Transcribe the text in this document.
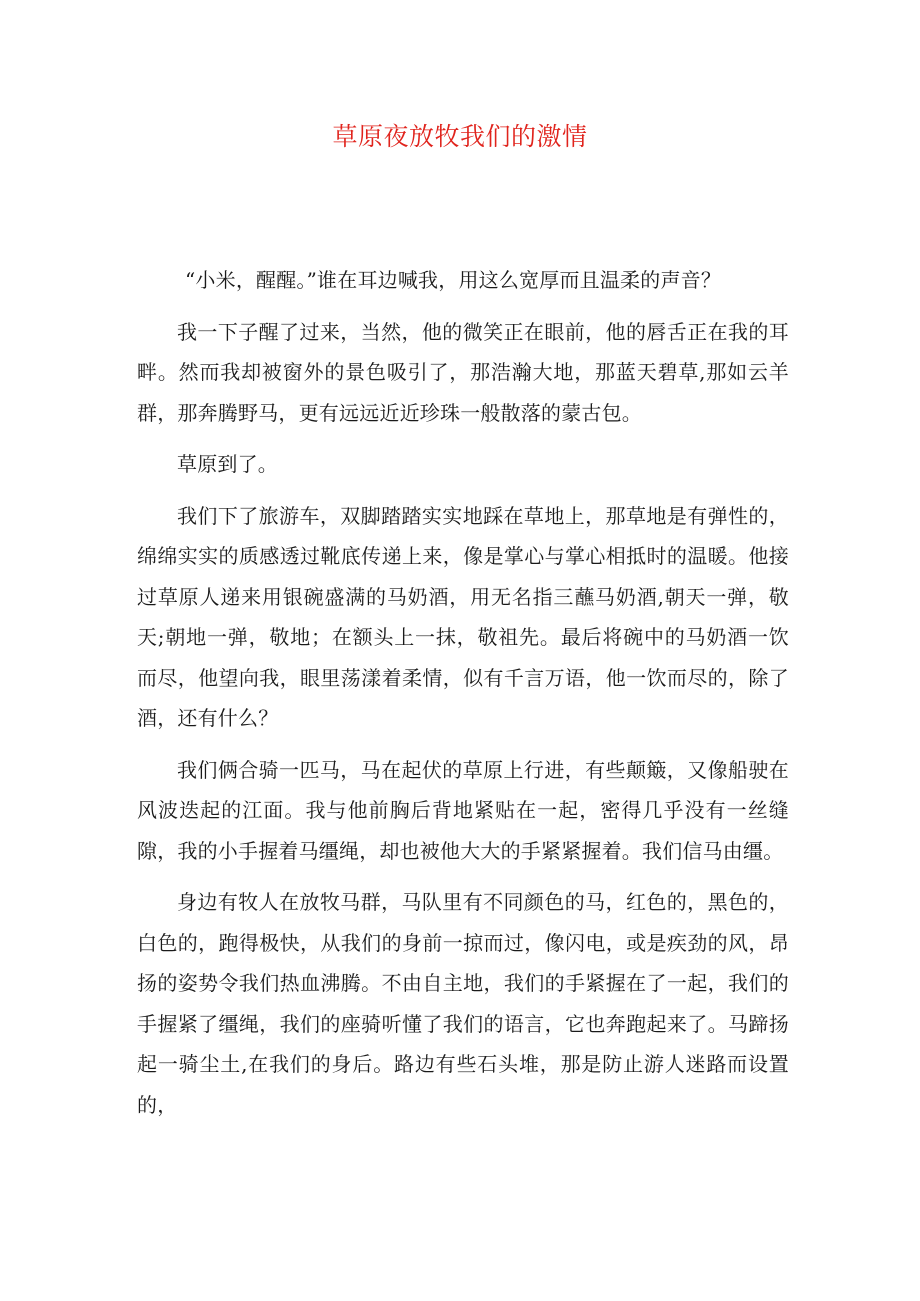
草原夜放牧我们的激情

“小米，醒醒。”谁在耳边喊我，用这么宽厚而且温柔的声音？

我一下子醒了过来，当然，他的微笑正在眼前，他的唇舌正在我的耳畔。然而我却被窗外的景色吸引了，那浩瀚大地，那蓝天碧草,那如云羊群，那奔腾野马，更有远远近近珍珠一般散落的蒙古包。

草原到了。

我们下了旅游车，双脚踏踏实实地踩在草地上，那草地是有弹性的，绵绵实实的质感透过靴底传递上来，像是掌心与掌心相抵时的温暖。他接过草原人递来用银碗盛满的马奶酒，用无名指三蘸马奶酒,朝天一弹，敬天;朝地一弹，敬地；在额头上一抹，敬祖先。最后将碗中的马奶酒一饮而尽，他望向我，眼里荡漾着柔情，似有千言万语，他一饮而尽的，除了酒，还有什么？

我们俩合骑一匹马，马在起伏的草原上行进，有些颠簸，又像船驶在风波迭起的江面。我与他前胸后背地紧贴在一起，密得几乎没有一丝缝隙，我的小手握着马缰绳，却也被他大大的手紧紧握着。我们信马由缰。

身边有牧人在放牧马群，马队里有不同颜色的马，红色的，黑色的，白色的，跑得极快，从我们的身前一掠而过，像闪电，或是疾劲的风，昂扬的姿势令我们热血沸腾。不由自主地，我们的手紧握在了一起，我们的手握紧了缰绳，我们的座骑听懂了我们的语言，它也奔跑起来了。马蹄扬起一骑尘土,在我们的身后。路边有些石头堆，那是防止游人迷路而设置的，
